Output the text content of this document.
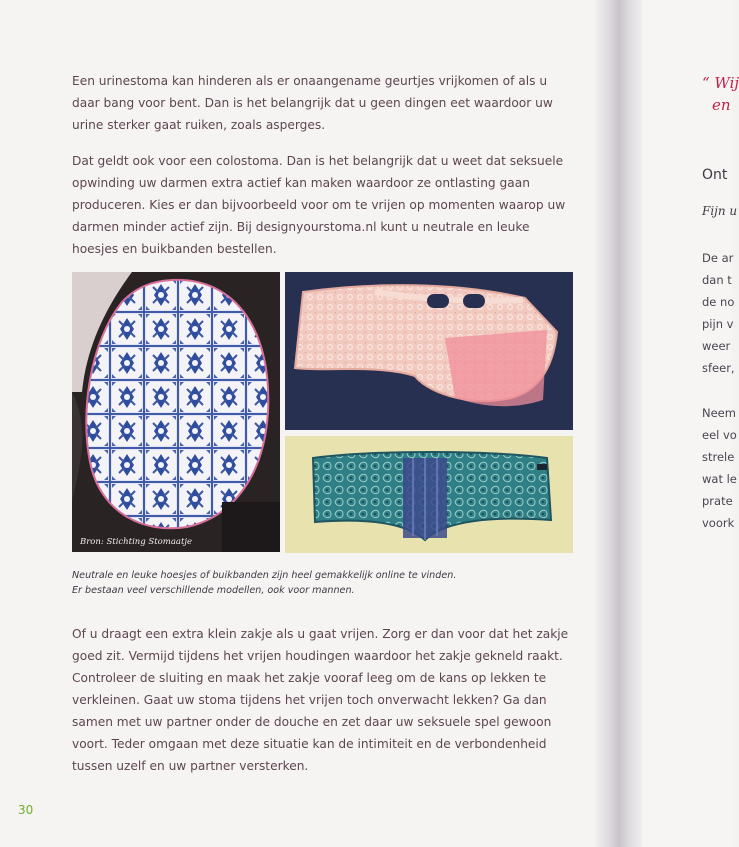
Een urinestoma kan hinderen als er onaangename geurtjes vrijkomen of als u daar bang voor bent. Dan is het belangrijk dat u geen dingen eet waardoor uw urine sterker gaat ruiken, zoals asperges.

Dat geldt ook voor een colostoma. Dan is het belangrijk dat u weet dat seksuele opwinding uw darmen extra actief kan maken waardoor ze ontlasting gaan produceren. Kies er dan bijvoorbeeld voor om te vrijen op momenten waarop uw darmen minder actief zijn. Bij designyourstoma.nl kunt u neutrale en leuke hoesjes en buikbanden bestellen.

Bron: Stichting Stomaatje

Neutrale en leuke hoesjes of buikbanden zijn heel gemakkelijk online te vinden.
Er bestaan veel verschillende modellen, ook voor mannen.

Of u draagt een extra klein zakje als u gaat vrijen. Zorg er dan voor dat het zakje goed zit. Vermijd tijdens het vrijen houdingen waardoor het zakje gekneld raakt. Controleer de sluiting en maak het zakje vooraf leeg om de kans op lekken te verkleinen. Gaat uw stoma tijdens het vrijen toch onverwacht lekken? Ga dan samen met uw partner onder de douche en zet daar uw seksuele spel gewoon voort. Teder omgaan met deze situatie kan de intimiteit en de verbondenheid tussen uzelf en uw partner versterken.

30
“ Wij
en
Ont
Fijn u
De ar
dan t
de no
pijn v
weer
sfeer,
Neem
eel vo
strele
wat le
prate
voork
